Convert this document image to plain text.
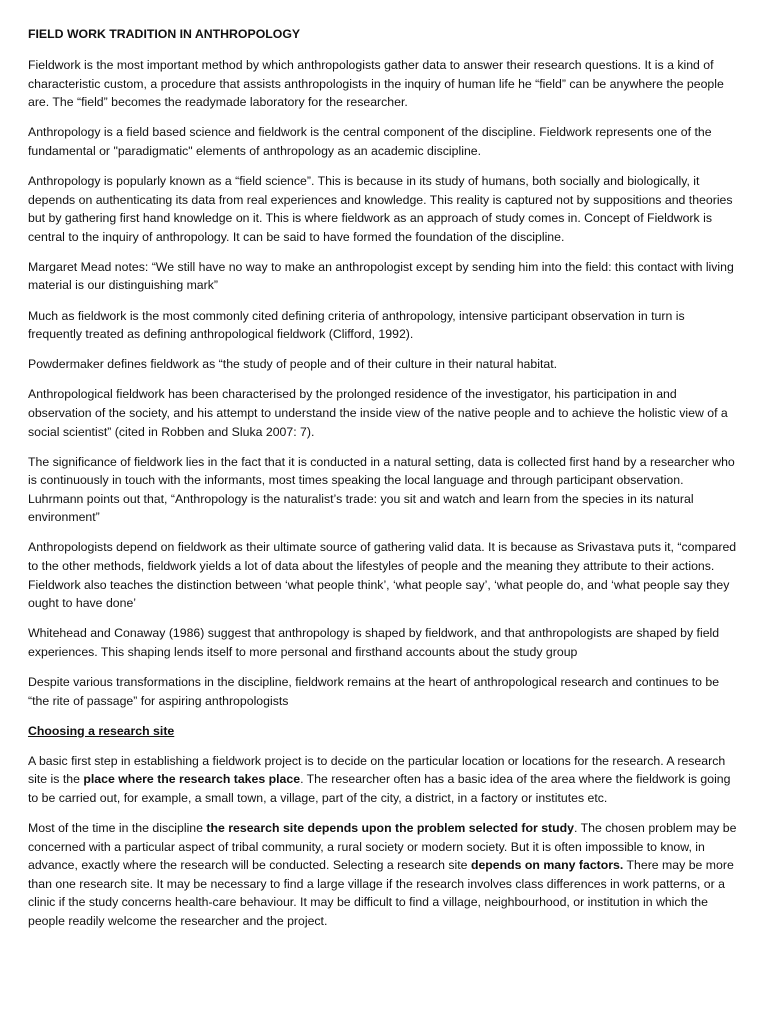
FIELD WORK TRADITION IN ANTHROPOLOGY

Fieldwork is the most important method by which anthropologists gather data to answer their research questions. It is a kind of characteristic custom, a procedure that assists anthropologists in the inquiry of human life he “field” can be anywhere the people are. The “field” becomes the readymade laboratory for the researcher.

Anthropology is a field based science and fieldwork is the central component of the discipline. Fieldwork represents one of the fundamental or "paradigmatic" elements of anthropology as an academic discipline.

Anthropology is popularly known as a “field science”. This is because in its study of humans, both socially and biologically, it depends on authenticating its data from real experiences and knowledge. This reality is captured not by suppositions and theories but by gathering first hand knowledge on it. This is where fieldwork as an approach of study comes in. Concept of Fieldwork is central to the inquiry of anthropology. It can be said to have formed the foundation of the discipline.

Margaret Mead notes: “We still have no way to make an anthropologist except by sending him into the field: this contact with living material is our distinguishing mark”

Much as fieldwork is the most commonly cited defining criteria of anthropology, intensive participant observation in turn is frequently treated as defining anthropological fieldwork (Clifford, 1992).

Powdermaker defines fieldwork as “the study of people and of their culture in their natural habitat.

Anthropological fieldwork has been characterised by the prolonged residence of the investigator, his participation in and observation of the society, and his attempt to understand the inside view of the native people and to achieve the holistic view of a social scientist” (cited in Robben and Sluka 2007: 7).

The significance of fieldwork lies in the fact that it is conducted in a natural setting, data is collected first hand by a researcher who is continuously in touch with the informants, most times speaking the local language and through participant observation. Luhrmann points out that, “Anthropology is the naturalist’s trade: you sit and watch and learn from the species in its natural environment”

Anthropologists depend on fieldwork as their ultimate source of gathering valid data. It is because as Srivastava puts it, “compared to the other methods, fieldwork yields a lot of data about the lifestyles of people and the meaning they attribute to their actions. Fieldwork also teaches the distinction between ‘what people think’, ‘what people say’, ‘what people do, and ‘what people say they ought to have done’

Whitehead and Conaway (1986) suggest that anthropology is shaped by fieldwork, and that anthropologists are shaped by field experiences. This shaping lends itself to more personal and firsthand accounts about the study group

Despite various transformations in the discipline, fieldwork remains at the heart of anthropological research and continues to be “the rite of passage” for aspiring anthropologists

Choosing a research site

A basic first step in establishing a fieldwork project is to decide on the particular location or locations for the research. A research site is the place where the research takes place. The researcher often has a basic idea of the area where the fieldwork is going to be carried out, for example, a small town, a village, part of the city, a district, in a factory or institutes etc.

Most of the time in the discipline the research site depends upon the problem selected for study. The chosen problem may be concerned with a particular aspect of tribal community, a rural society or modern society. But it is often impossible to know, in advance, exactly where the research will be conducted. Selecting a research site depends on many factors. There may be more than one research site. It may be necessary to find a large village if the research involves class differences in work patterns, or a clinic if the study concerns health-care behaviour. It may be difficult to find a village, neighbourhood, or institution in which the people readily welcome the researcher and the project.
